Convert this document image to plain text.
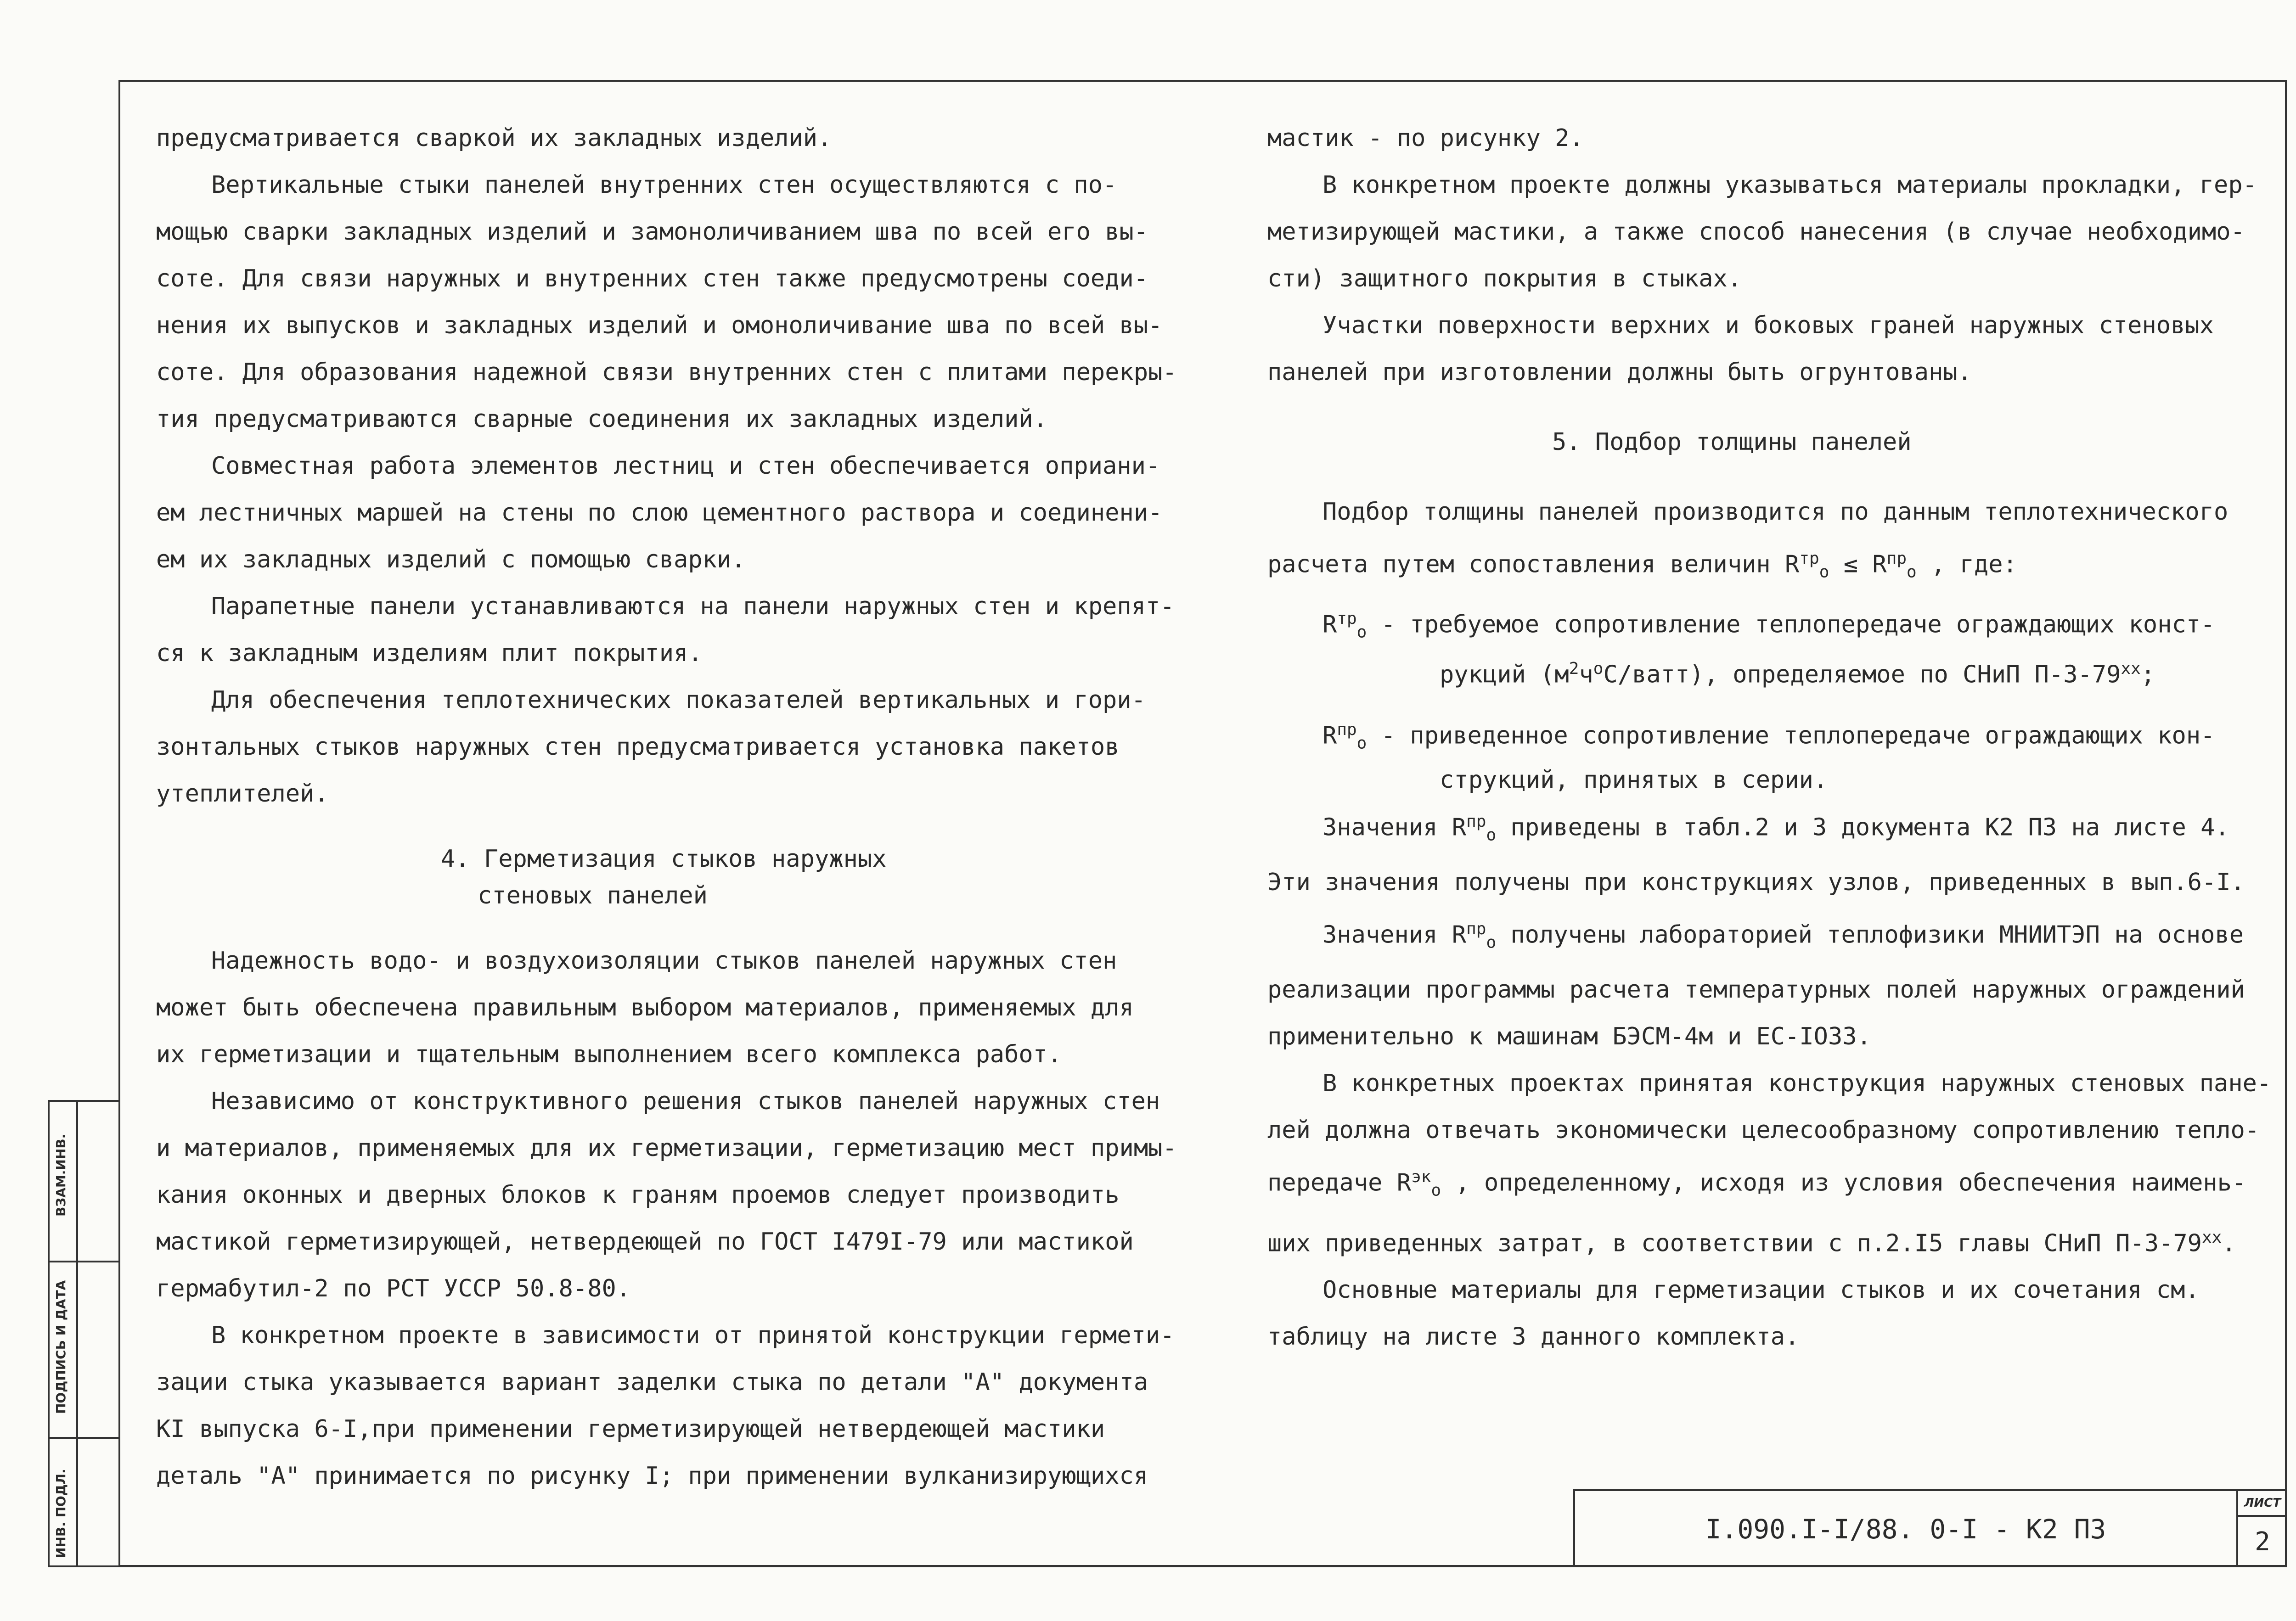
ВЗАМ.ИНВ.
ПОДПИСЬ И ДАТА
ИНВ. ПОДЛ.

предусматривается сваркой их закладных изделий.

Вертикальные стыки панелей внутренних стен осуществляются с по-

мощью сварки закладных изделий и замоноличиванием шва по всей его вы-

соте. Для связи наружных и внутренних стен также предусмотрены соеди-

нения их выпусков и закладных изделий и омоноличивание шва по всей вы-

соте. Для образования надежной связи внутренних стен с плитами перекры-

тия предусматриваются сварные соединения их закладных изделий.

Совместная работа элементов лестниц и стен обеспечивается оприани-

ем лестничных маршей на стены по слою цементного раствора и соединени-

ем их закладных изделий с помощью сварки.

Парапетные панели устанавливаются на панели наружных стен и крепят-

ся к закладным изделиям плит покрытия.

Для обеспечения теплотехнических показателей вертикальных и гори-

зонтальных стыков наружных стен предусматривается установка пакетов

утеплителей.

4. Герметизация стыков наружных

стеновых панелей

Надежность водо- и воздухоизоляции стыков панелей наружных стен

может быть обеспечена правильным выбором материалов, применяемых для

их герметизации и тщательным выполнением всего комплекса работ.

Независимо от конструктивного решения стыков панелей наружных стен

и материалов, применяемых для их герметизации, герметизацию мест примы-

кания оконных и дверных блоков к граням проемов следует производить

мастикой герметизирующей, нетвердеющей по ГОСТ I479I-79 или мастикой

гермабутил-2 по РСТ УССР 50.8-80.

В конкретном проекте в зависимости от принятой конструкции гермети-

зации стыка указывается вариант заделки стыка по детали "А" документа

КI выпуска 6-I,при применении герметизирующей нетвердеющей мастики

деталь "А" принимается по рисунку I; при применении вулканизирующихся

мастик - по рисунку 2.

В конкретном проекте должны указываться материалы прокладки, гер-

метизирующей мастики, а также способ нанесения (в случае необходимо-

сти) защитного покрытия в стыках.

Участки поверхности верхних и боковых граней наружных стеновых

панелей при изготовлении должны быть огрунтованы.

5. Подбор толщины панелей

Подбор толщины панелей производится по данным теплотехнического

расчета путем сопоставления величин $R^{тр}_о \le R^{пр}_о$ , где:

$R^{тр}_о$ - требуемое сопротивление теплопередаче ограждающих конст-

рукций $(м^2ч^оС/ватт)$, определяемое по СНиП $П-3-79^{хх}$;

$R^{пр}_о$ - приведенное сопротивление теплопередаче ограждающих кон-

струкций, принятых в серии.

Значения $R^{пр}_о$ приведены в табл.2 и 3 документа К2 ПЗ на листе 4.

Эти значения получены при конструкциях узлов, приведенных в вып.6-I.

Значения $R^{пр}_о$ получены лабораторией теплофизики МНИИТЭП на основе

реализации программы расчета температурных полей наружных ограждений

применительно к машинам БЭСМ-4м и ЕС-IO33.

В конкретных проектах принятая конструкция наружных стеновых пане-

лей должна отвечать экономически целесообразному сопротивлению тепло-

передаче $R^{эк}_о$ , определенному, исходя из условия обеспечения наимень-

ших приведенных затрат, в соответствии с п.2.I5 главы СНиП $П-3-79^{хх}$.

Основные материалы для герметизации стыков и их сочетания см.

таблицу на листе 3 данного комплекта.

I.090.I-I/88. 0-I - К2 ПЗ
ЛИСТ
2
